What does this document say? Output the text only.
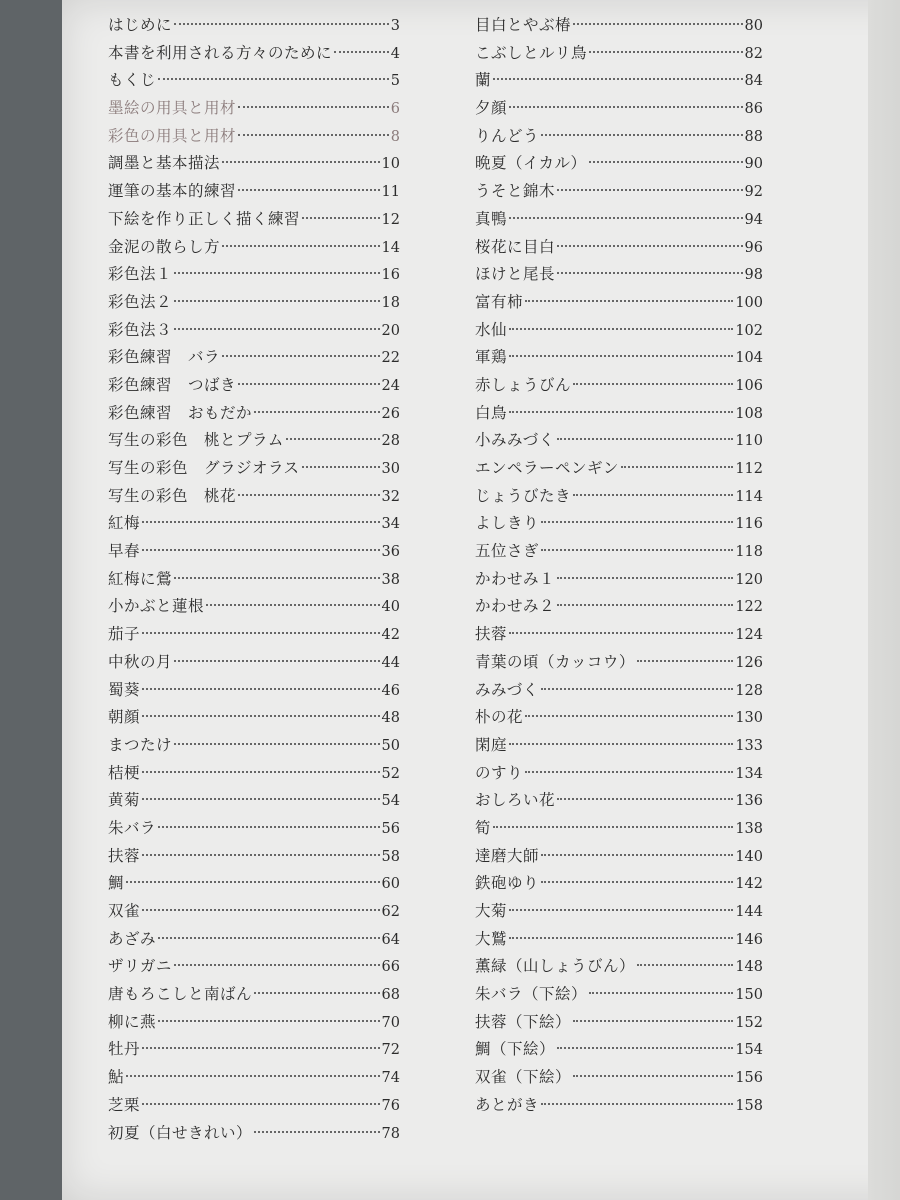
はじめに	3
本書を利用される方々のために	4
もくじ	5
墨絵の用具と用材	6
彩色の用具と用材	8
調墨と基本描法	10
運筆の基本的練習	11
下絵を作り正しく描く練習	12
金泥の散らし方	14
彩色法１	16
彩色法２	18
彩色法３	20
彩色練習　バラ	22
彩色練習　つばき	24
彩色練習　おもだか	26
写生の彩色　桃とプラム	28
写生の彩色　グラジオラス	30
写生の彩色　桃花	32
紅梅	34
早春	36
紅梅に鶯	38
小かぶと蓮根	40
茄子	42
中秋の月	44
蜀葵	46
朝顔	48
まつたけ	50
桔梗	52
黄菊	54
朱バラ	56
扶蓉	58
鯛	60
双雀	62
あざみ	64
ザリガニ	66
唐もろこしと南ばん	68
柳に燕	70
牡丹	72
鮎	74
芝栗	76
初夏（白せきれい）	78
目白とやぶ椿	80
こぶしとルリ鳥	82
蘭	84
夕顔	86
りんどう	88
晩夏（イカル）	90
うそと錦木	92
真鴨	94
桜花に目白	96
ほけと尾長	98
富有柿	100
水仙	102
軍鶏	104
赤しょうびん	106
白鳥	108
小みみづく	110
エンペラーペンギン	112
じょうびたき	114
よしきり	116
五位さぎ	118
かわせみ１	120
かわせみ２	122
扶蓉	124
青葉の頃（カッコウ）	126
みみづく	128
朴の花	130
閑庭	133
のすり	134
おしろい花	136
筍	138
達磨大師	140
鉄砲ゆり	142
大菊	144
大鷲	146
薫緑（山しょうびん）	148
朱バラ（下絵）	150
扶蓉（下絵）	152
鯛（下絵）	154
双雀（下絵）	156
あとがき	158
